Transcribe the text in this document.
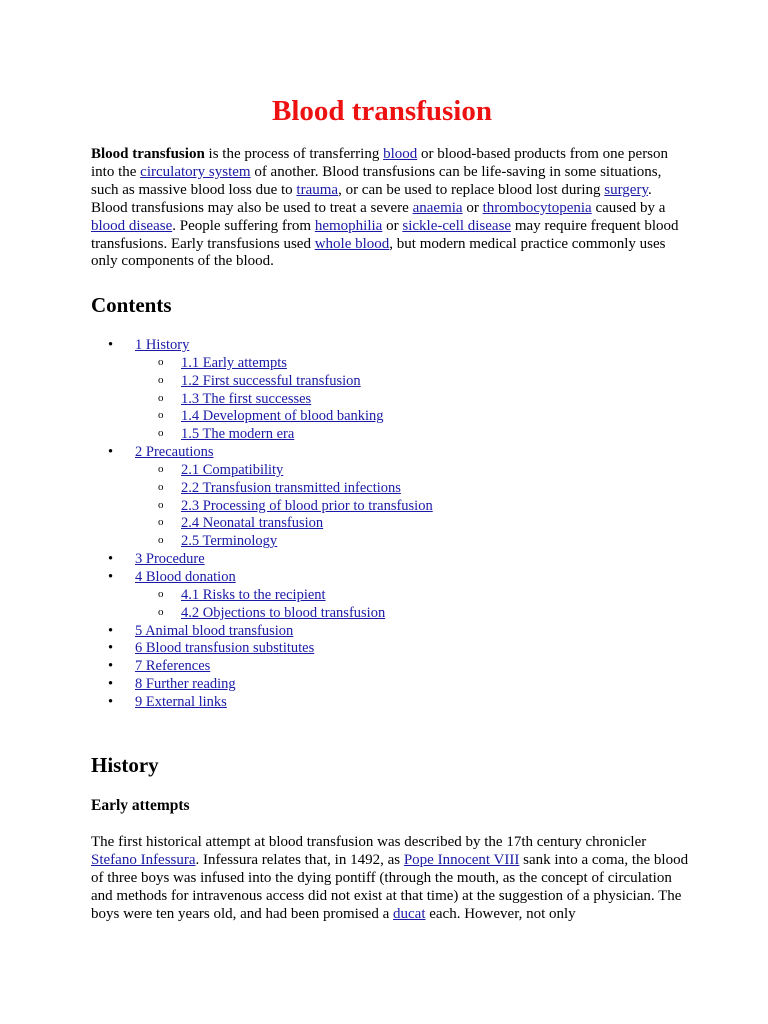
Blood transfusion

Blood transfusion is the process of transferring blood or blood-based products from one person into the circulatory system of another. Blood transfusions can be life-saving in some situations, such as massive blood loss due to trauma, or can be used to replace blood lost during surgery. Blood transfusions may also be used to treat a severe anaemia or thrombocytopenia caused by a blood disease. People suffering from hemophilia or sickle-cell disease may require frequent blood transfusions. Early transfusions used whole blood, but modern medical practice commonly uses only components of the blood.

Contents
• 1 History
o 1.1 Early attempts
o 1.2 First successful transfusion
o 1.3 The first successes
o 1.4 Development of blood banking
o 1.5 The modern era
• 2 Precautions
o 2.1 Compatibility
o 2.2 Transfusion transmitted infections
o 2.3 Processing of blood prior to transfusion
o 2.4 Neonatal transfusion
o 2.5 Terminology
• 3 Procedure
• 4 Blood donation
o 4.1 Risks to the recipient
o 4.2 Objections to blood transfusion
• 5 Animal blood transfusion
• 6 Blood transfusion substitutes
• 7 References
• 8 Further reading
• 9 External links
History
Early attempts

The first historical attempt at blood transfusion was described by the 17th century chronicler Stefano Infessura. Infessura relates that, in 1492, as Pope Innocent VIII sank into a coma, the blood of three boys was infused into the dying pontiff (through the mouth, as the concept of circulation and methods for intravenous access did not exist at that time) at the suggestion of a physician. The boys were ten years old, and had been promised a ducat each. However, not only
